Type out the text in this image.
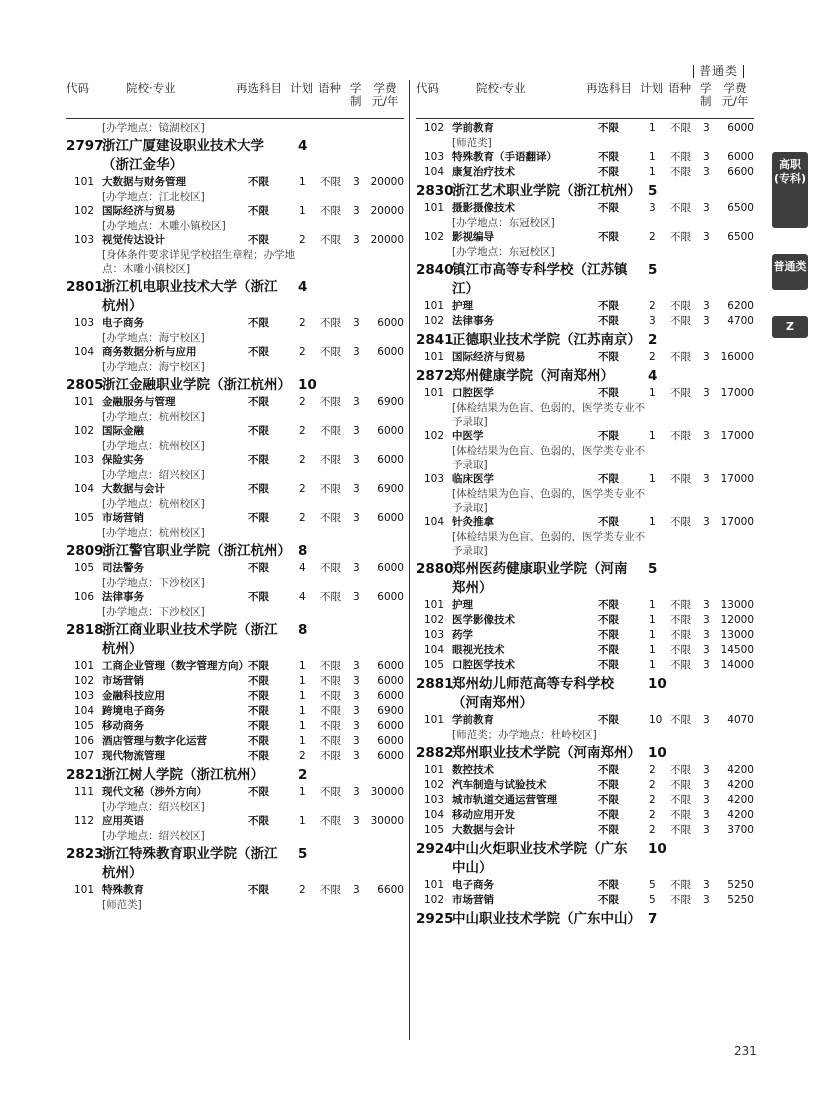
普通类
高职(专科)
普通类
Z
代码	院校·专业	再选科目 计划 语种 学制
学费元/年
[办学地点：镜湖校区]
2797
浙江广厦建设职业技术大学（浙江金华）
4
101 大数据与财务管理	不限	1 不限 3 20000
[办学地点：江北校区]
102 国际经济与贸易	不限	1 不限 3 20000
[办学地点：木雕小镇校区]
103 视觉传达设计	不限	2 不限 3 20000
[身体条件要求详见学校招生章程；办学地点：木雕小镇校区]
2801
浙江机电职业技术大学（浙江杭州）
4
103 电子商务	不限	2 不限 3 6000
[办学地点：海宁校区]
104 商务数据分析与应用	不限	2 不限 3 6000
[办学地点：海宁校区]
2805
浙江金融职业学院（浙江杭州） 10
101 金融服务与管理	不限	2 不限 3 6900
[办学地点：杭州校区]
102 国际金融	不限	2 不限 3 6000
[办学地点：杭州校区]
103 保险实务	不限	2 不限 3 6000
[办学地点：绍兴校区]
104 大数据与会计	不限	2 不限 3 6900
[办学地点：杭州校区]
105 市场营销	不限	2 不限 3 6000
[办学地点：杭州校区]
2809
浙江警官职业学院（浙江杭州） 8
105 司法警务	不限	4 不限 3 6000
[办学地点：下沙校区]
106 法律事务	不限	4 不限 3 6000
[办学地点：下沙校区]
2818
浙江商业职业技术学院（浙江杭州）
8
101 工商企业管理（数字管理方向） 不限	1 不限 3 6000
102 市场营销	不限	1 不限 3 6000
103 金融科技应用	不限	1 不限 3 6000
104 跨境电子商务	不限	1 不限 3 6900
105 移动商务	不限	1 不限 3 6000
106 酒店管理与数字化运营	不限	1 不限 3 6000
107 现代物流管理	不限	2 不限 3 6000
2821
浙江树人学院（浙江杭州）	2
111 现代文秘（涉外方向）	不限	1 不限 3 30000
[办学地点：绍兴校区]
112 应用英语	不限	1 不限 3 30000
[办学地点：绍兴校区]
2823
浙江特殊教育职业学院（浙江杭州）
5
101 特殊教育	不限	2 不限 3 6600
[师范类]
代码	院校·专业	再选科目 计划 语种 学制
学费元/年
102 学前教育	不限	1 不限 3 6000
[师范类]
103 特殊教育（手语翻译）	不限	1 不限 3 6000
104 康复治疗技术	不限	1 不限 3 6600
2830
浙江艺术职业学院（浙江杭州） 5
101 摄影摄像技术	不限	3 不限 3 6500
[办学地点：东冠校区]
102 影视编导	不限	2 不限 3 6500
[办学地点：东冠校区]
2840
镇江市高等专科学校（江苏镇江）
5
101 护理	不限	2 不限 3 6200
102 法律事务	不限	3 不限 3 4700
2841
正德职业技术学院（江苏南京） 2
101 国际经济与贸易	不限	2 不限 3 16000
2872
郑州健康学院（河南郑州）	4
101 口腔医学	不限	1 不限 3 17000
[体检结果为色盲、色弱的，医学类专业不予录取]
102 中医学	不限	1 不限 3 17000
[体检结果为色盲、色弱的，医学类专业不予录取]
103 临床医学	不限	1 不限 3 17000
[体检结果为色盲、色弱的，医学类专业不予录取]
104 针灸推拿	不限	1 不限 3 17000
[体检结果为色盲、色弱的，医学类专业不予录取]
2880
郑州医药健康职业学院（河南郑州）
5
101 护理	不限	1 不限 3 13000
102 医学影像技术	不限	1 不限 3 12000
103 药学	不限	1 不限 3 13000
104 眼视光技术	不限	1 不限 3 14500
105 口腔医学技术	不限	1 不限 3 14000
2881
郑州幼儿师范高等专科学校（河南郑州）
10
101 学前教育	不限	10 不限 3 4070
[师范类；办学地点：杜岭校区]
2882
郑州职业技术学院（河南郑州） 10
101 数控技术	不限	2 不限 3 4200
102 汽车制造与试验技术	不限	2 不限 3 4200
103 城市轨道交通运营管理	不限	2 不限 3 4200
104 移动应用开发	不限	2 不限 3 4200
105 大数据与会计	不限	2 不限 3 3700
2924
中山火炬职业技术学院（广东中山）
10
101 电子商务	不限	5 不限 3 5250
102 市场营销	不限	5 不限 3 5250
2925
中山职业技术学院（广东中山） 7
231
